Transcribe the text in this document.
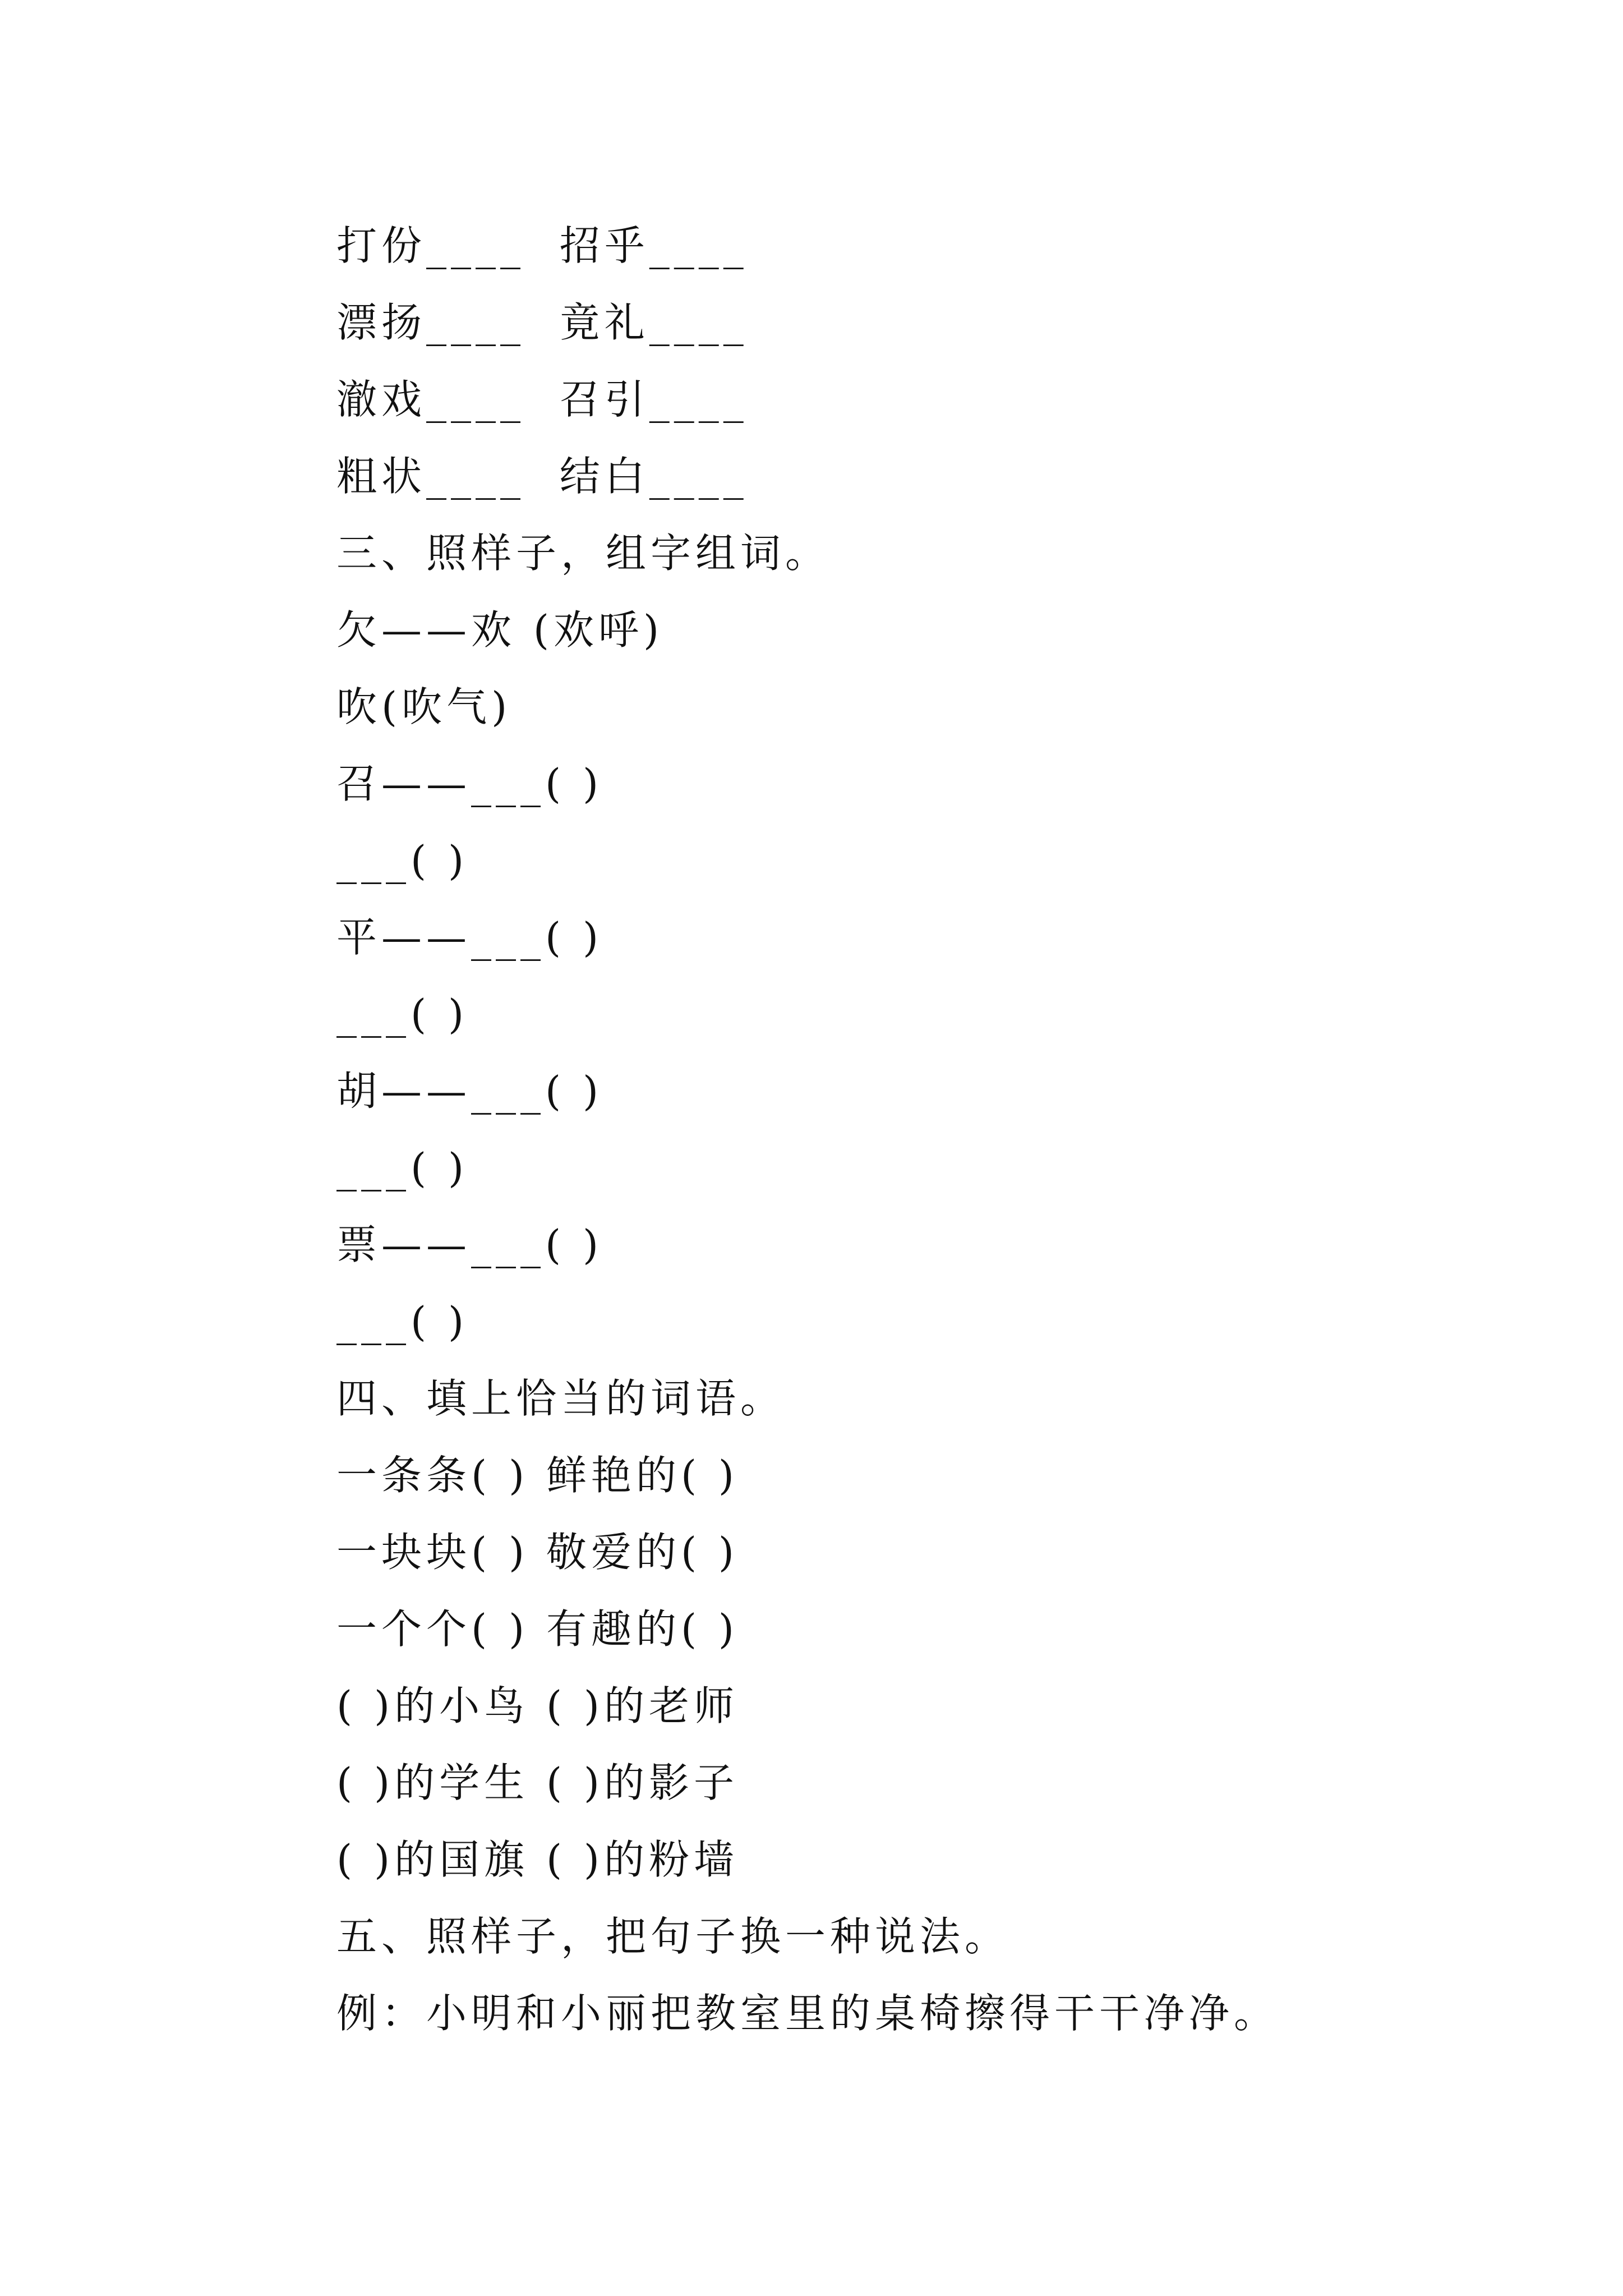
打份____  招乎____
漂扬____  竟礼____
澈戏____  召引____
粗状____  结白____
三、照样子，组字组词。
欠——欢 (欢呼)
吹(吹气)
召——___( )
___( )
平——___( )
___( )
胡——___( )
___( )
票——___( )
___( )
四、填上恰当的词语。
一条条( ) 鲜艳的( )
一块块( ) 敬爱的( )
一个个( ) 有趣的( )
( )的小鸟 ( )的老师
( )的学生 ( )的影子
( )的国旗 ( )的粉墙
五、照样子，把句子换一种说法。
例：小明和小丽把教室里的桌椅擦得干干净净。
